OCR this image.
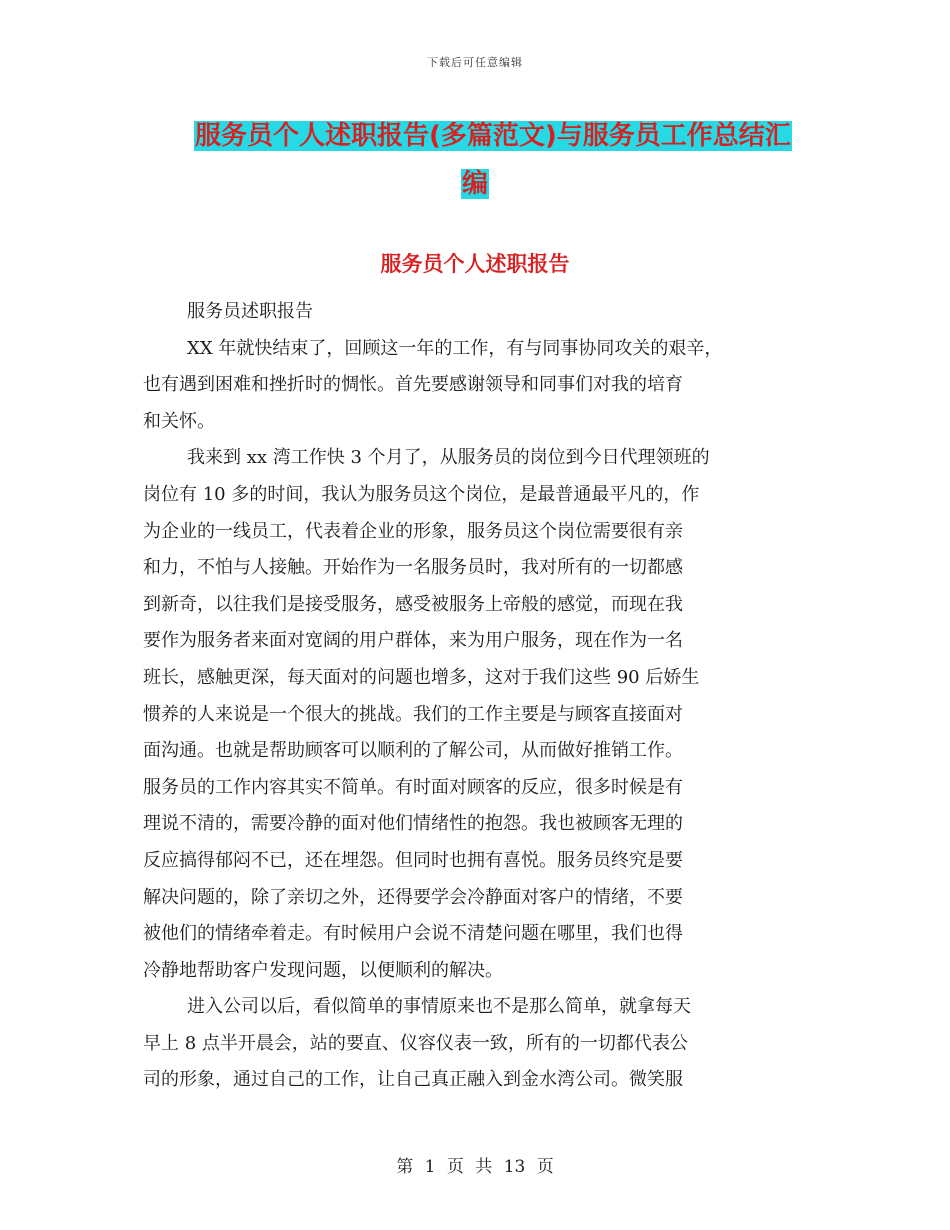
下载后可任意编辑
服务员个人述职报告(多篇范文)与服务员工作总结汇
编
服务员个人述职报告
服务员述职报告
XX 年就快结束了，回顾这一年的工作，有与同事协同攻关的艰辛，
也有遇到困难和挫折时的惆怅。首先要感谢领导和同事们对我的培育
和关怀。
我来到 xx 湾工作快 3 个月了，从服务员的岗位到今日代理领班的
岗位有 10 多的时间，我认为服务员这个岗位，是最普通最平凡的，作
为企业的一线员工，代表着企业的形象，服务员这个岗位需要很有亲
和力，不怕与人接触。开始作为一名服务员时，我对所有的一切都感
到新奇，以往我们是接受服务，感受被服务上帝般的感觉，而现在我
要作为服务者来面对宽阔的用户群体，来为用户服务，现在作为一名
班长，感触更深，每天面对的问题也增多，这对于我们这些 90 后娇生
惯养的人来说是一个很大的挑战。我们的工作主要是与顾客直接面对
面沟通。也就是帮助顾客可以顺利的了解公司，从而做好推销工作。
服务员的工作内容其实不简单。有时面对顾客的反应，很多时候是有
理说不清的，需要冷静的面对他们情绪性的抱怨。我也被顾客无理的
反应搞得郁闷不已，还在埋怨。但同时也拥有喜悦。服务员终究是要
解决问题的，除了亲切之外，还得要学会冷静面对客户的情绪，不要
被他们的情绪牵着走。有时候用户会说不清楚问题在哪里，我们也得
冷静地帮助客户发现问题，以便顺利的解决。
进入公司以后，看似简单的事情原来也不是那么简单，就拿每天
早上 8 点半开晨会，站的要直、仪容仪表一致，所有的一切都代表公
司的形象，通过自己的工作，让自己真正融入到金水湾公司。微笑服
第 1 页 共 13 页
